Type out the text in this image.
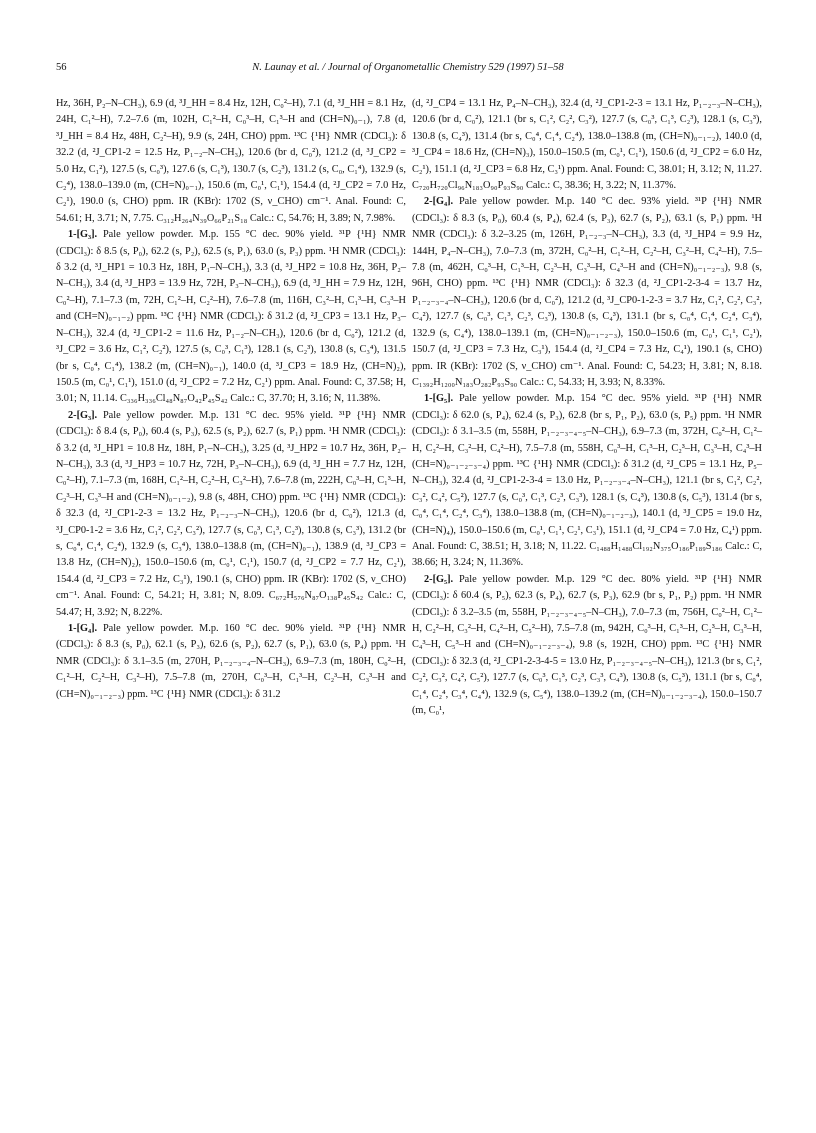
56	N. Launay et al. / Journal of Organometallic Chemistry 529 (1997) 51–58

Hz, 36H, P₂–N–CH₃), 6.9 (d, ³J_HH = 8.4 Hz, 12H, C₀²–H), 7.1 (d, ³J_HH = 8.1 Hz, 24H, C₁²–H), 7.2–7.6 (m, 102H, C₁²–H, C₀³–H, C₁³–H and (CH=N)₀₋₁), 7.8 (d, ³J_HH = 8.4 Hz, 48H, C₂²–H), 9.9 (s, 24H, CHO) ppm. ¹³C {¹H} NMR (CDCl₃): δ 32.2 (d, ²J_CP1-2 = 12.5 Hz, P₁₋₂–N–CH₃), 120.6 (br d, C₀²), 121.2 (d, ³J_CP2 = 5.0 Hz, C₁²), 127.5 (s, C₀³), 127.6 (s, C₁³), 130.7 (s, C₂³), 131.2 (s, C₀, C₁⁴), 132.9 (s, C₂⁴), 138.0–139.0 (m, (CH=N)₀₋₁), 150.6 (m, C₀¹, C₁¹), 154.4 (d, ²J_CP2 = 7.0 Hz, C₂¹), 190.0 (s, CHO) ppm. IR (KBr): 1702 (S, ν_CHO) cm⁻¹. Anal. Found: C, 54.61; H, 3.71; N, 7.75. C₃₁₂H₂₆₄N₃₉O₆₆P₂₁S₁₈ Calc.: C, 54.76; H, 3.89; N, 7.98%.

1-[G₃]. Pale yellow powder. M.p. 155 °C dec. 90% yield. ³¹P {¹H} NMR (CDCl₃): δ 8.5 (s, P₀), 62.2 (s, P₂), 62.5 (s, P₁), 63.0 (s, P₃) ppm. ¹H NMR (CDCl₃): δ 3.2 (d, ³J_HP1 = 10.3 Hz, 18H, P₁–N–CH₃), 3.3 (d, ³J_HP2 = 10.8 Hz, 36H, P₂–N–CH₃), 3.4 (d, ³J_HP3 = 13.9 Hz, 72H, P₃–N–CH₃), 6.9 (d, ³J_HH = 7.9 Hz, 12H, C₀²–H), 7.1–7.3 (m, 72H, C₁²–H, C₂²–H), 7.6–7.8 (m, 116H, C₃²–H, C₁³–H, C₃³–H and (CH=N)₀₋₁₋₂) ppm. ¹³C {¹H} NMR (CDCl₃): δ 31.2 (d, ²J_CP3 = 13.1 Hz, P₃–N–CH₃), 32.4 (d, ²J_CP1-2 = 11.6 Hz, P₁₋₂–N–CH₃), 120.6 (br d, C₀²), 121.2 (d, ³J_CP2 = 3.6 Hz, C₁², C₂²), 127.5 (s, C₀³, C₁³), 128.1 (s, C₂³), 130.8 (s, C₃⁴), 131.5 (br s, C₀⁴, C₁⁴), 138.2 (m, (CH=N)₀₋₁), 140.0 (d, ³J_CP3 = 18.9 Hz, (CH=N)₂), 150.5 (m, C₀¹, C₁¹), 151.0 (d, ²J_CP2 = 7.2 Hz, C₂¹) ppm. Anal. Found: C, 37.58; H, 3.01; N, 11.14. C₃₃₆H₃₃₆Cl₄₈N₈₇O₄₂P₄₅S₄₂ Calc.: C, 37.70; H, 3.16; N, 11.38%.

2-[G₃]. Pale yellow powder. M.p. 131 °C dec. 95% yield. ³¹P {¹H} NMR (CDCl₃): δ 8.4 (s, P₀), 60.4 (s, P₃), 62.5 (s, P₂), 62.7 (s, P₁) ppm. ¹H NMR (CDCl₃): δ 3.2 (d, ³J_HP1 = 10.8 Hz, 18H, P₁–N–CH₃), 3.25 (d, ³J_HP2 = 10.7 Hz, 36H, P₂–N–CH₃), 3.3 (d, ³J_HP3 = 10.7 Hz, 72H, P₃–N–CH₃), 6.9 (d, ³J_HH = 7.7 Hz, 12H, C₀²–H), 7.1–7.3 (m, 168H, C₁²–H, C₂²–H, C₃²–H), 7.6–7.8 (m, 222H, C₀³–H, C₁³–H, C₂³–H, C₃³–H and (CH=N)₀₋₁₋₂), 9.8 (s, 48H, CHO) ppm. ¹³C {¹H} NMR (CDCl₃): δ 32.3 (d, ²J_CP1-2-3 = 13.2 Hz, P₁₋₂₋₃–N–CH₃), 120.6 (br d, C₀²), 121.3 (d, ³J_CP0-1-2 = 3.6 Hz, C₁², C₂², C₃²), 127.7 (s, C₀³, C₁³, C₂³), 130.8 (s, C₃³), 131.2 (br s, C₀⁴, C₁⁴, C₂⁴), 132.9 (s, C₃⁴), 138.0–138.8 (m, (CH=N)₀₋₁), 138.9 (d, ³J_CP3 = 13.8 Hz, (CH=N)₂), 150.0–150.6 (m, C₀¹, C₁¹), 150.7 (d, ²J_CP2 = 7.7 Hz, C₂¹), 154.4 (d, ²J_CP3 = 7.2 Hz, C₃¹), 190.1 (s, CHO) ppm. IR (KBr): 1702 (S, ν_CHO) cm⁻¹. Anal. Found: C, 54.21; H, 3.81; N, 8.09. C₆₇₂H₅₇₆N₈₇O₁₃₈P₄₅S₄₂ Calc.: C, 54.47; H, 3.92; N, 8.22%.

1-[G₄]. Pale yellow powder. M.p. 160 °C dec. 90% yield. ³¹P {¹H} NMR (CDCl₃): δ 8.3 (s, P₀), 62.1 (s, P₃), 62.6 (s, P₂), 62.7 (s, P₁), 63.0 (s, P₄) ppm. ¹H NMR (CDCl₃): δ 3.1–3.5 (m, 270H, P₁₋₂₋₃₋₄–N–CH₃), 6.9–7.3 (m, 180H, C₀²–H, C₁²–H, C₂²–H, C₃²–H), 7.5–7.8 (m, 270H, C₀³–H, C₁³–H, C₂³–H, C₃³–H and (CH=N)₀₋₁₋₂₋₃) ppm. ¹³C {¹H} NMR (CDCl₃): δ 31.2

(d, ²J_CP4 = 13.1 Hz, P₄–N–CH₃), 32.4 (d, ²J_CP1-2-3 = 13.1 Hz, P₁₋₂₋₃–N–CH₃), 120.6 (br d, C₀²), 121.1 (br s, C₁², C₂², C₃²), 127.7 (s, C₀³, C₁³, C₂³), 128.1 (s, C₃³), 130.8 (s, C₄³), 131.4 (br s, C₀⁴, C₁⁴, C₂⁴), 138.0–138.8 (m, (CH=N)₀₋₁₋₂), 140.0 (d, ³J_CP4 = 18.6 Hz, (CH=N)₃), 150.0–150.5 (m, C₀¹, C₁¹), 150.6 (d, ²J_CP2 = 6.0 Hz, C₂¹), 151.1 (d, ²J_CP3 = 6.8 Hz, C₃¹) ppm. Anal. Found: C, 38.01; H, 3.12; N, 11.27. C₇₂₀H₇₂₀Cl₉₆N₁₈₃O₉₀P₉₃S₉₀ Calc.: C, 38.36; H, 3.22; N, 11.37%.

2-[G₄]. Pale yellow powder. M.p. 140 °C dec. 93% yield. ³¹P {¹H} NMR (CDCl₃): δ 8.3 (s, P₀), 60.4 (s, P₄), 62.4 (s, P₃), 62.7 (s, P₂), 63.1 (s, P₁) ppm. ¹H NMR (CDCl₃): δ 3.2–3.25 (m, 126H, P₁₋₂₋₃–N–CH₃), 3.3 (d, ³J_HP4 = 9.9 Hz, 144H, P₄–N–CH₃), 7.0–7.3 (m, 372H, C₀²–H, C₁²–H, C₂²–H, C₃²–H, C₄²–H), 7.5–7.8 (m, 462H, C₀³–H, C₁³–H, C₂³–H, C₃³–H, C₄³–H and (CH=N)₀₋₁₋₂₋₃), 9.8 (s, 96H, CHO) ppm. ¹³C {¹H} NMR (CDCl₃): δ 32.3 (d, ²J_CP1-2-3-4 = 13.7 Hz, P₁₋₂₋₃₋₄–N–CH₃), 120.6 (br d, C₀²), 121.2 (d, ³J_CP0-1-2-3 = 3.7 Hz, C₁², C₂², C₃², C₄²), 127.7 (s, C₀³, C₁³, C₂³, C₃³), 130.8 (s, C₄³), 131.1 (br s, C₀⁴, C₁⁴, C₂⁴, C₃⁴), 132.9 (s, C₄⁴), 138.0–139.1 (m, (CH=N)₀₋₁₋₂₋₃), 150.0–150.6 (m, C₀¹, C₁¹, C₂¹), 150.7 (d, ²J_CP3 = 7.3 Hz, C₃¹), 154.4 (d, ²J_CP4 = 7.3 Hz, C₄¹), 190.1 (s, CHO) ppm. IR (KBr): 1702 (S, ν_CHO) cm⁻¹. Anal. Found: C, 54.23; H, 3.81; N, 8.18. C₁₃₉₂H₁₂₀₀N₁₈₃O₂₈₂P₉₃S₉₀ Calc.: C, 54.33; H, 3.93; N, 8.33%.

1-[G₅]. Pale yellow powder. M.p. 154 °C dec. 95% yield. ³¹P {¹H} NMR (CDCl₃): δ 62.0 (s, P₄), 62.4 (s, P₃), 62.8 (br s, P₁, P₂), 63.0 (s, P₅) ppm. ¹H NMR (CDCl₃): δ 3.1–3.5 (m, 558H, P₁₋₂₋₃₋₄₋₅–N–CH₃), 6.9–7.3 (m, 372H, C₀²–H, C₁²–H, C₂²–H, C₃²–H, C₄²–H), 7.5–7.8 (m, 558H, C₀³–H, C₁³–H, C₂³–H, C₃³–H, C₄³–H (CH=N)₀₋₁₋₂₋₃₋₄) ppm. ¹³C {¹H} NMR (CDCl₃): δ 31.2 (d, ²J_CP5 = 13.1 Hz, P₅–N–CH₃), 32.4 (d, ²J_CP1-2-3-4 = 13.0 Hz, P₁₋₂₋₃₋₄–N–CH₃), 121.1 (br s, C₁², C₂², C₃², C₄², C₅²), 127.7 (s, C₀³, C₁³, C₂³, C₃³), 128.1 (s, C₄³), 130.8 (s, C₅³), 131.4 (br s, C₀⁴, C₁⁴, C₂⁴, C₃⁴), 138.0–138.8 (m, (CH=N)₀₋₁₋₂₋₃), 140.1 (d, ³J_CP5 = 19.0 Hz, (CH=N)₄), 150.0–150.6 (m, C₀¹, C₁¹, C₂¹, C₃¹), 151.1 (d, ²J_CP4 = 7.0 Hz, C₄¹) ppm. Anal. Found: C, 38.51; H, 3.18; N, 11.22. C₁₄₈₈H₁₄₈₈Cl₁₉₂N₃₇₅O₁₈₆P₁₈₉S₁₈₆ Calc.: C, 38.66; H, 3.24; N, 11.36%.

2-[G₅]. Pale yellow powder. M.p. 129 °C dec. 80% yield. ³¹P {¹H} NMR (CDCl₃): δ 60.4 (s, P₅), 62.3 (s, P₄), 62.7 (s, P₃), 62.9 (br s, P₁, P₂) ppm. ¹H NMR (CDCl₃): δ 3.2–3.5 (m, 558H, P₁₋₂₋₃₋₄₋₅–N–CH₃), 7.0–7.3 (m, 756H, C₀²–H, C₁²–H, C₂²–H, C₃²–H, C₄²–H, C₅²–H), 7.5–7.8 (m, 942H, C₀³–H, C₁³–H, C₂³–H, C₃³–H, C₄³–H, C₅³–H and (CH=N)₀₋₁₋₂₋₃₋₄), 9.8 (s, 192H, CHO) ppm. ¹³C {¹H} NMR (CDCl₃): δ 32.3 (d, ²J_CP1-2-3-4-5 = 13.0 Hz, P₁₋₂₋₃₋₄₋₅–N–CH₃), 121.3 (br s, C₁², C₂², C₃², C₄², C₅²), 127.7 (s, C₀³, C₁³, C₂³, C₃³, C₄³), 130.8 (s, C₅³), 131.1 (br s, C₀⁴, C₁⁴, C₂⁴, C₃⁴, C₄⁴), 132.9 (s, C₅⁴), 138.0–139.2 (m, (CH=N)₀₋₁₋₂₋₃₋₄), 150.0–150.7 (m, C₀¹,
